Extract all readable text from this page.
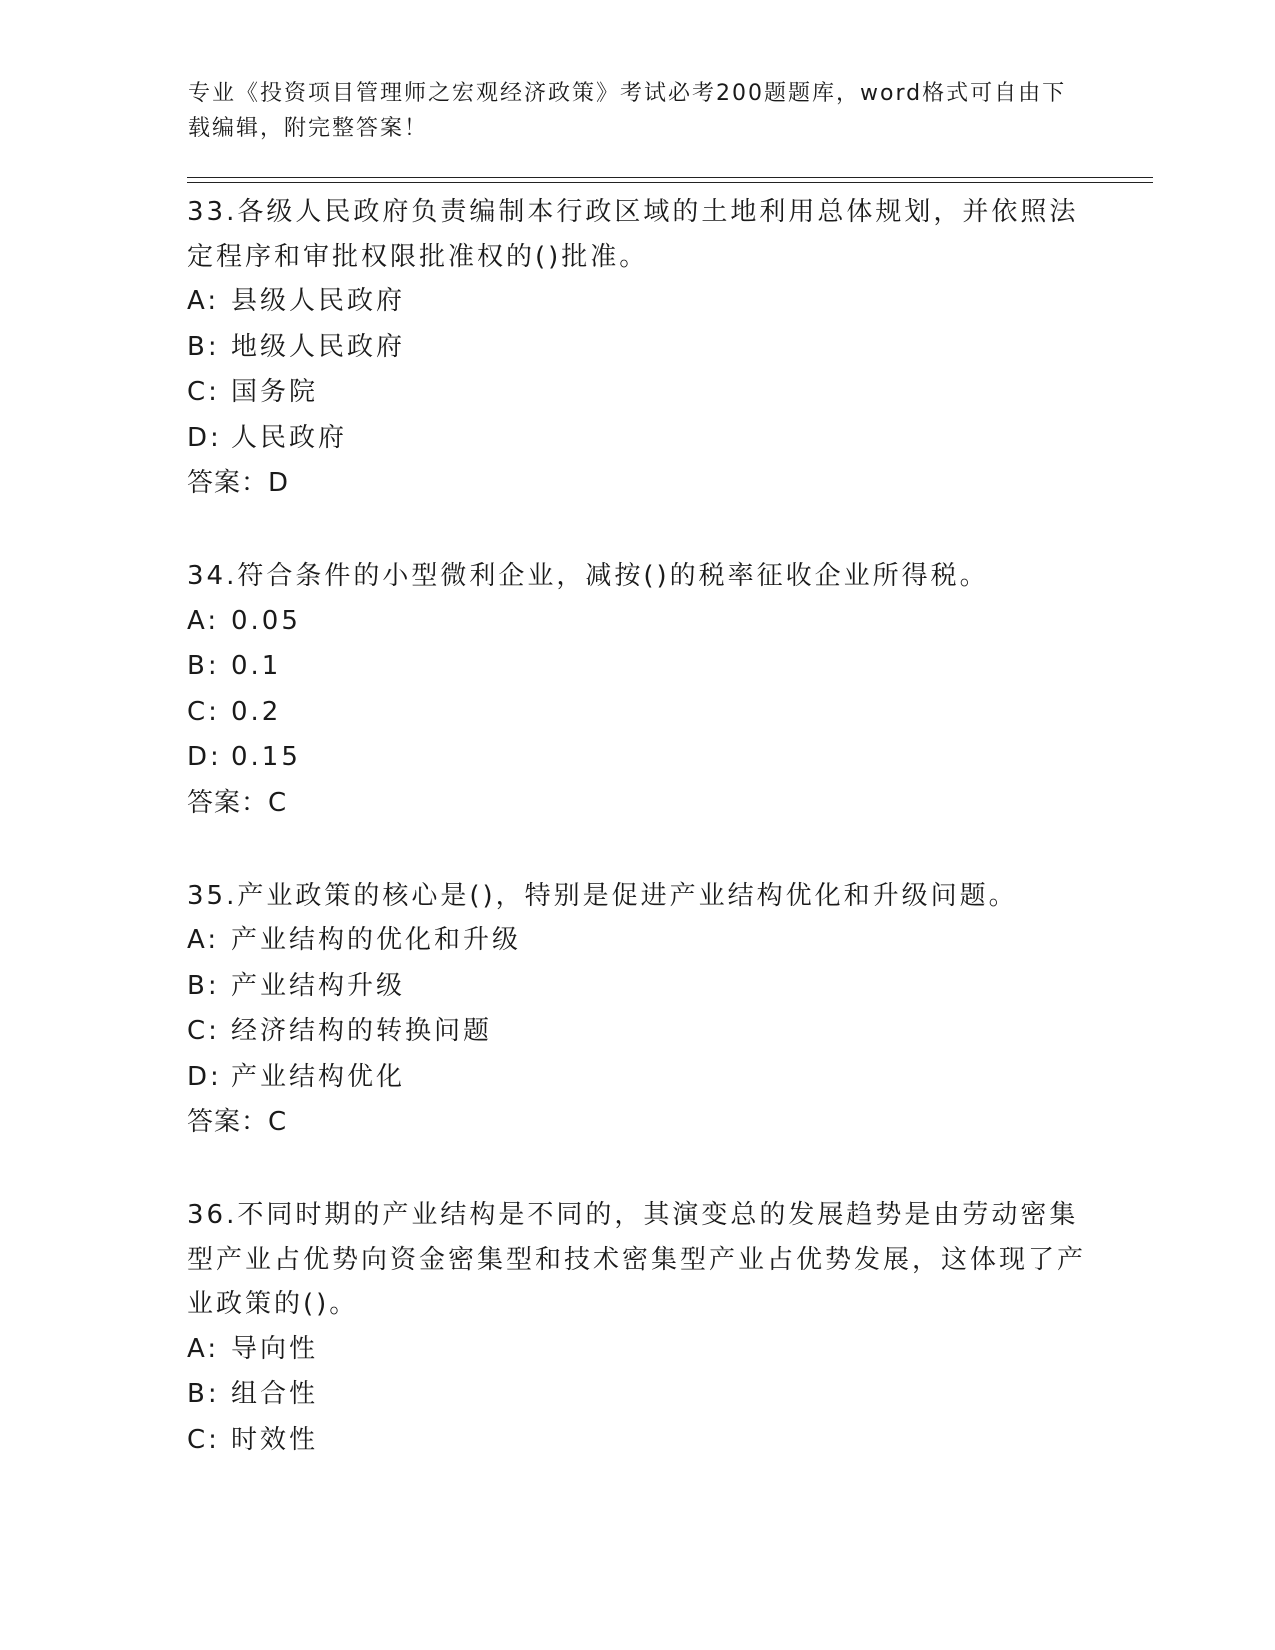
专业《投资项目管理师之宏观经济政策》考试必考200题题库，word格式可自由下载编辑，附完整答案！

33.各级人民政府负责编制本行政区域的土地利用总体规划，并依照法定程序和审批权限批准权的()批准。

A: 县级人民政府

B: 地级人民政府

C: 国务院

D: 人民政府

答案：D

34.符合条件的小型微利企业，减按()的税率征收企业所得税。

A: 0.05

B: 0.1

C: 0.2

D: 0.15

答案：C

35.产业政策的核心是()，特别是促进产业结构优化和升级问题。

A: 产业结构的优化和升级

B: 产业结构升级

C: 经济结构的转换问题

D: 产业结构优化

答案：C

36.不同时期的产业结构是不同的，其演变总的发展趋势是由劳动密集型产业占优势向资金密集型和技术密集型产业占优势发展，这体现了产业政策的()。

A: 导向性

B: 组合性

C: 时效性
